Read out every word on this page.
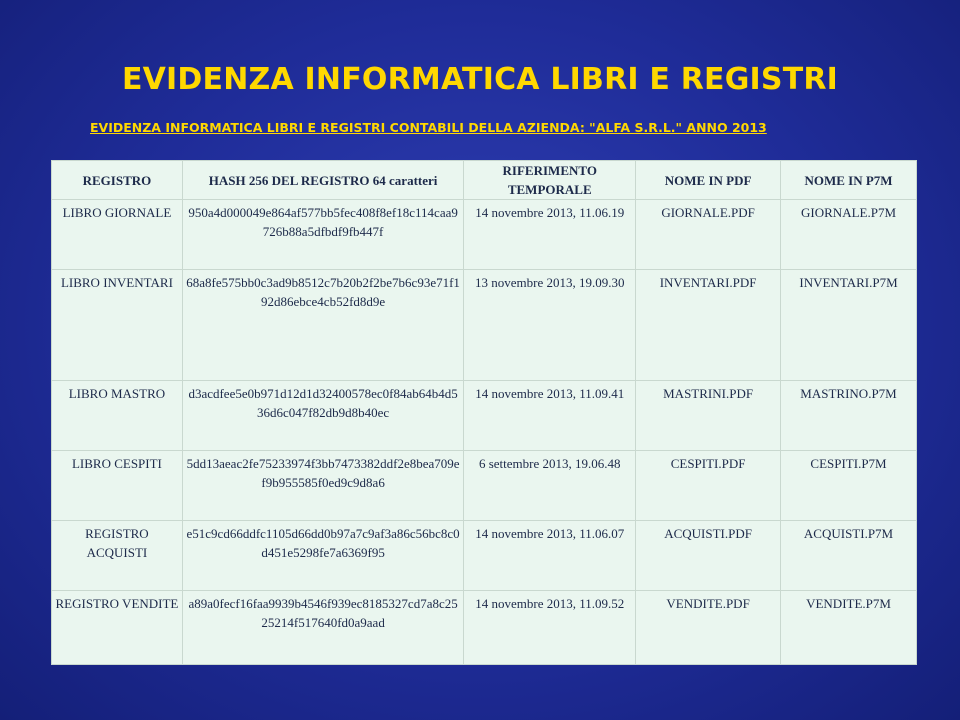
EVIDENZA INFORMATICA LIBRI E REGISTRI
EVIDENZA INFORMATICA LIBRI E REGISTRI CONTABILI DELLA AZIENDA: "ALFA S.R.L." ANNO 2013
REGISTRO	HASH 256 DEL REGISTRO 64 caratteri	RIFERIMENTO TEMPORALE	NOME IN PDF	NOME IN P7M
LIBRO GIORNALE	950a4d000049e864af577bb5fec408f8ef18c114caa9726b88a5dfbdf9fb447f	14 novembre 2013, 11.06.19	GIORNALE.PDF	GIORNALE.P7M
LIBRO INVENTARI	68a8fe575bb0c3ad9b8512c7b20b2f2be7b6c93e71f192d86ebce4cb52fd8d9e	13 novembre 2013, 19.09.30	INVENTARI.PDF	INVENTARI.P7M
LIBRO MASTRO	d3acdfee5e0b971d12d1d32400578ec0f84ab64b4d536d6c047f82db9d8b40ec	14 novembre 2013, 11.09.41	MASTRINI.PDF	MASTRINO.P7M
LIBRO CESPITI	5dd13aeac2fe75233974f3bb7473382ddf2e8bea709ef9b955585f0ed9c9d8a6	6 settembre 2013, 19.06.48	CESPITI.PDF	CESPITI.P7M
REGISTRO ACQUISTI	e51c9cd66ddfc1105d66dd0b97a7c9af3a86c56bc8c0d451e5298fe7a6369f95	14 novembre 2013, 11.06.07	ACQUISTI.PDF	ACQUISTI.P7M
REGISTRO VENDITE	a89a0fecf16faa9939b4546f939ec8185327cd7a8c2525214f517640fd0a9aad	14 novembre 2013, 11.09.52	VENDITE.PDF	VENDITE.P7M
